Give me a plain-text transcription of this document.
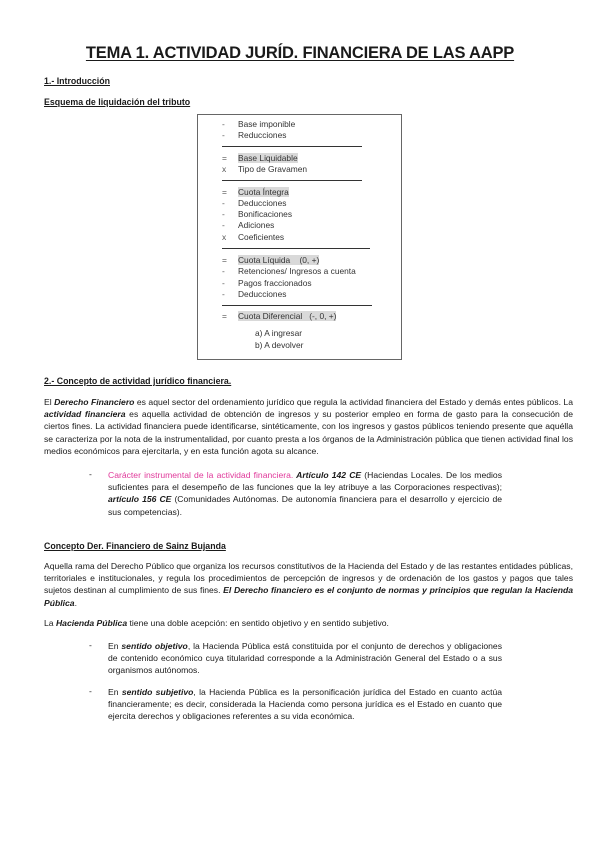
TEMA 1. ACTIVIDAD JURÍD. FINANCIERA DE LAS AAPP
1.- Introducción
Esquema de liquidación del tributo
- Base imponible
- Reducciones
= Base Liquidable
x Tipo de Gravamen
= Cuota Íntegra
- Deducciones
- Bonificaciones
- Adiciones
x Coeficientes
= Cuota Líquida (0, +)
- Retenciones/ Ingresos a cuenta
- Pagos fraccionados
- Deducciones
= Cuota Diferencial (-, 0, +)
a) A ingresar
b) A devolver
2.- Concepto de actividad jurídico financiera.
El Derecho Financiero es aquel sector del ordenamiento jurídico que regula la actividad financiera del Estado y demás entes públicos. La actividad financiera es aquella actividad de obtención de ingresos y su posterior empleo en forma de gasto para la consecución de ciertos fines. La actividad financiera puede identificarse, sintéticamente, con los ingresos y gastos públicos teniendo presente que aquélla se caracteriza por la nota de la instrumentalidad, por cuanto presta a los órganos de la Administración pública que tienen actividad final los medios económicos para ejercitarla, y en esta función agota su alcance.
- Carácter instrumental de la actividad financiera. Artículo 142 CE (Haciendas Locales. De los medios suficientes para el desempeño de las funciones que la ley atribuye a las Corporaciones respectivas); artículo 156 CE (Comunidades Autónomas. De autonomía financiera para el desarrollo y ejercicio de sus competencias).
Concepto Der. Financiero de Sainz Bujanda
Aquella rama del Derecho Público que organiza los recursos constitutivos de la Hacienda del Estado y de las restantes entidades públicas, territoriales e institucionales, y regula los procedimientos de percepción de ingresos y de ordenación de los gastos y pagos que tales sujetos destinan al cumplimiento de sus fines. El Derecho financiero es el conjunto de normas y principios que regulan la Hacienda Pública.
La Hacienda Pública tiene una doble acepción: en sentido objetivo y en sentido subjetivo.
- En sentido objetivo, la Hacienda Pública está constituida por el conjunto de derechos y obligaciones de contenido económico cuya titularidad corresponde a la Administración General del Estado o a sus organismos autónomos.
- En sentido subjetivo, la Hacienda Pública es la personificación jurídica del Estado en cuanto actúa financieramente; es decir, considerada la Hacienda como persona jurídica es el Estado en cuanto que ejercita derechos y obligaciones referentes a su vida económica.
